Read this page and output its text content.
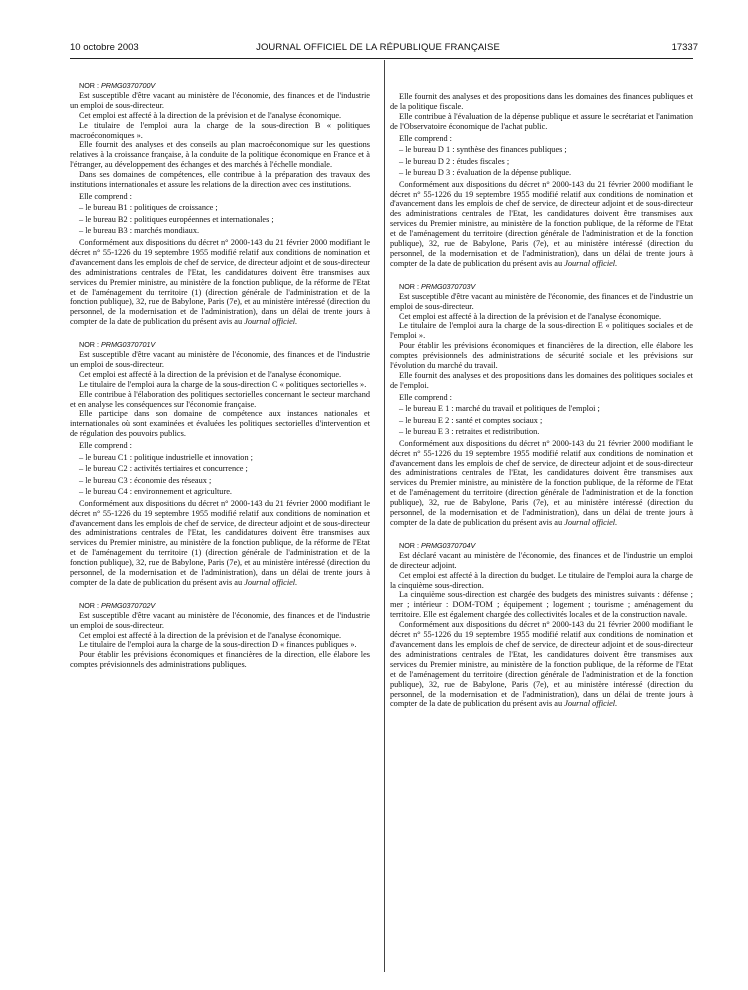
10 octobre 2003	JOURNAL OFFICIEL DE LA RÉPUBLIQUE FRANÇAISE	17337

NOR : PRMG0370700V

Est susceptible d'être vacant au ministère de l'économie, des finances et de l'industrie un emploi de sous-directeur.

Cet emploi est affecté à la direction de la prévision et de l'analyse économique.

Le titulaire de l'emploi aura la charge de la sous-direction B « politiques macroéconomiques ».

Elle fournit des analyses et des conseils au plan macroéconomique sur les questions relatives à la croissance française, à la conduite de la politique économique en France et à l'étranger, au développement des échanges et des marchés à l'échelle mondiale.

Dans ses domaines de compétences, elle contribue à la préparation des travaux des institutions internationales et assure les relations de la direction avec ces institutions.

Elle comprend :

– le bureau B1 : politiques de croissance ;

– le bureau B2 : politiques européennes et internationales ;

– le bureau B3 : marchés mondiaux.

Conformément aux dispositions du décret n° 2000-143 du 21 février 2000 modifiant le décret n° 55-1226 du 19 septembre 1955 modifié relatif aux conditions de nomination et d'avancement dans les emplois de chef de service, de directeur adjoint et de sous-directeur des administrations centrales de l'Etat, les candidatures doivent être transmises aux services du Premier ministre, au ministère de la fonction publique, de la réforme de l'Etat et de l'aménagement du territoire (1) (direction générale de l'administration et de la fonction publique), 32, rue de Babylone, Paris (7e), et au ministère intéressé (direction du personnel, de la modernisation et de l'administration), dans un délai de trente jours à compter de la date de publication du présent avis au Journal officiel.

NOR : PRMG0370701V

Est susceptible d'être vacant au ministère de l'économie, des finances et de l'industrie un emploi de sous-directeur.

Cet emploi est affecté à la direction de la prévision et de l'analyse économique.

Le titulaire de l'emploi aura la charge de la sous-direction C « politiques sectorielles ».

Elle contribue à l'élaboration des politiques sectorielles concernant le secteur marchand et en analyse les conséquences sur l'économie française.

Elle participe dans son domaine de compétence aux instances nationales et internationales où sont examinées et évaluées les politiques sectorielles d'intervention et de régulation des pouvoirs publics.

Elle comprend :

– le bureau C1 : politique industrielle et innovation ;

– le bureau C2 : activités tertiaires et concurrence ;

– le bureau C3 : économie des réseaux ;

– le bureau C4 : environnement et agriculture.

Conformément aux dispositions du décret n° 2000-143 du 21 février 2000 modifiant le décret n° 55-1226 du 19 septembre 1955 modifié relatif aux conditions de nomination et d'avancement dans les emplois de chef de service, de directeur adjoint et de sous-directeur des administrations centrales de l'Etat, les candidatures doivent être transmises aux services du Premier ministre, au ministère de la fonction publique, de la réforme de l'Etat et de l'aménagement du territoire (1) (direction générale de l'administration et de la fonction publique), 32, rue de Babylone, Paris (7e), et au ministère intéressé (direction du personnel, de la modernisation et de l'administration), dans un délai de trente jours à compter de la date de publication du présent avis au Journal officiel.

NOR : PRMG0370702V

Est susceptible d'être vacant au ministère de l'économie, des finances et de l'industrie un emploi de sous-directeur.

Cet emploi est affecté à la direction de la prévision et de l'analyse économique.

Le titulaire de l'emploi aura la charge de la sous-direction D « finances publiques ».

Pour établir les prévisions économiques et financières de la direction, elle élabore les comptes prévisionnels des administrations publiques.

Elle fournit des analyses et des propositions dans les domaines des finances publiques et de la politique fiscale.

Elle contribue à l'évaluation de la dépense publique et assure le secrétariat et l'animation de l'Observatoire économique de l'achat public.

Elle comprend :

– le bureau D 1 : synthèse des finances publiques ;

– le bureau D 2 : études fiscales ;

– le bureau D 3 : évaluation de la dépense publique.

Conformément aux dispositions du décret n° 2000-143 du 21 février 2000 modifiant le décret n° 55-1226 du 19 septembre 1955 modifié relatif aux conditions de nomination et d'avancement dans les emplois de chef de service, de directeur adjoint et de sous-directeur des administrations centrales de l'Etat, les candidatures doivent être transmises aux services du Premier ministre, au ministère de la fonction publique, de la réforme de l'Etat et de l'aménagement du territoire (direction générale de l'administration et de la fonction publique), 32, rue de Babylone, Paris (7e), et au ministère intéressé (direction du personnel, de la modernisation et de l'administration), dans un délai de trente jours à compter de la date de publication du présent avis au Journal officiel.

NOR : PRMG0370703V

Est susceptible d'être vacant au ministère de l'économie, des finances et de l'industrie un emploi de sous-directeur.

Cet emploi est affecté à la direction de la prévision et de l'analyse économique.

Le titulaire de l'emploi aura la charge de la sous-direction E « politiques sociales et de l'emploi ».

Pour établir les prévisions économiques et financières de la direction, elle élabore les comptes prévisionnels des administrations de sécurité sociale et les prévisions sur l'évolution du marché du travail.

Elle fournit des analyses et des propositions dans les domaines des politiques sociales et de l'emploi.

Elle comprend :

– le bureau E 1 : marché du travail et politiques de l'emploi ;

– le bureau E 2 : santé et comptes sociaux ;

– le bureau E 3 : retraites et redistribution.

Conformément aux dispositions du décret n° 2000-143 du 21 février 2000 modifiant le décret n° 55-1226 du 19 septembre 1955 modifié relatif aux conditions de nomination et d'avancement dans les emplois de chef de service, de directeur adjoint et de sous-directeur des administrations centrales de l'Etat, les candidatures doivent être transmises aux services du Premier ministre, au ministère de la fonction publique, de la réforme de l'Etat et de l'aménagement du territoire (direction générale de l'administration et de la fonction publique), 32, rue de Babylone, Paris (7e), et au ministère intéressé (direction du personnel, de la modernisation et de l'administration), dans un délai de trente jours à compter de la date de publication du présent avis au Journal officiel.

NOR : PRMG0370704V

Est déclaré vacant au ministère de l'économie, des finances et de l'industrie un emploi de directeur adjoint.

Cet emploi est affecté à la direction du budget. Le titulaire de l'emploi aura la charge de la cinquième sous-direction.

La cinquième sous-direction est chargée des budgets des ministres suivants : défense ; mer ; intérieur : DOM-TOM ; équipement ; logement ; tourisme ; aménagement du territoire. Elle est également chargée des collectivités locales et de la construction navale.

Conformément aux dispositions du décret n° 2000-143 du 21 février 2000 modifiant le décret n° 55-1226 du 19 septembre 1955 modifié relatif aux conditions de nomination et d'avancement dans les emplois de chef de service, de directeur adjoint et de sous-directeur des administrations centrales de l'Etat, les candidatures doivent être transmises aux services du Premier ministre, au ministère de la fonction publique, de la réforme de l'Etat et de l'aménagement du territoire (direction générale de l'administration et de la fonction publique), 32, rue de Babylone, Paris (7e), et au ministère intéressé (direction du personnel, de la modernisation et de l'administration), dans un délai de trente jours à compter de la date de publication du présent avis au Journal officiel.
